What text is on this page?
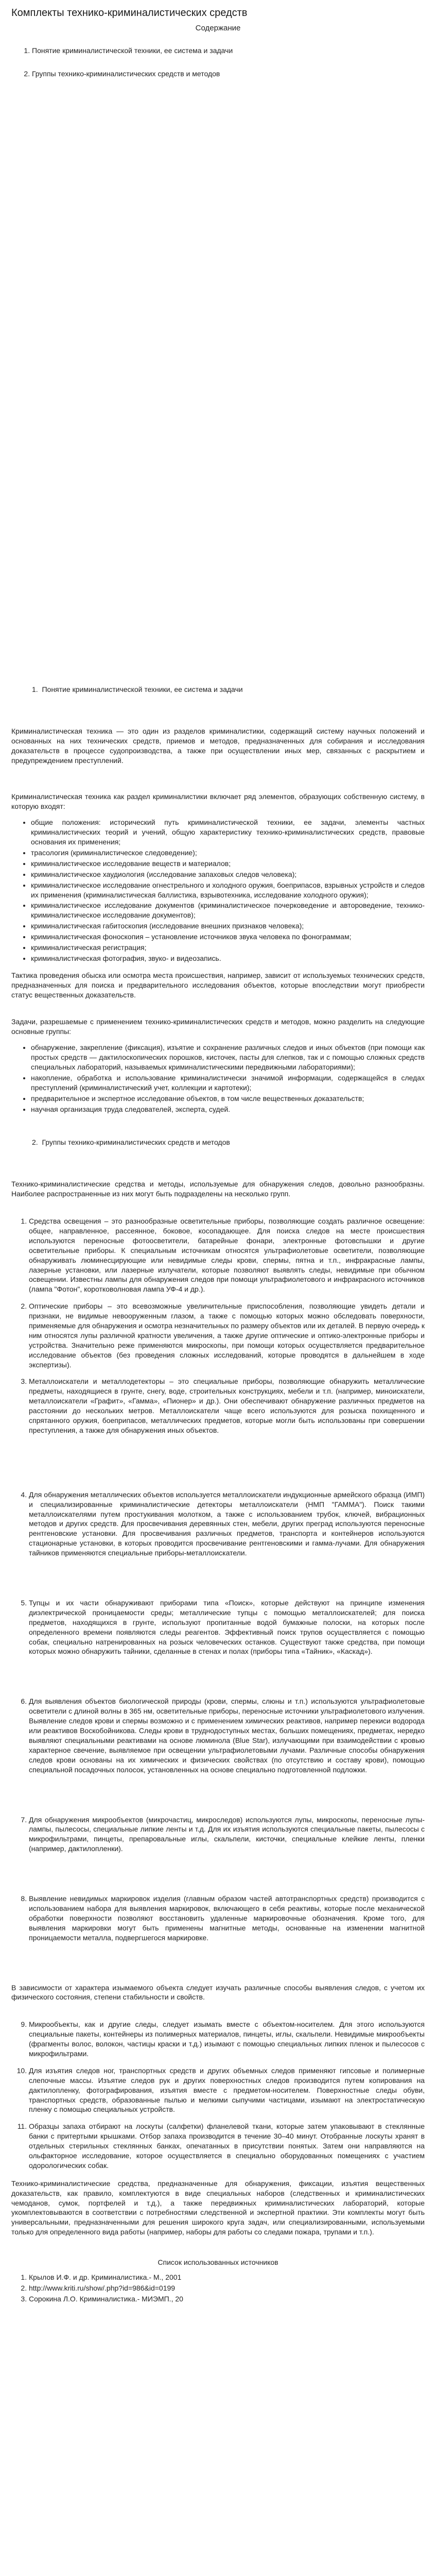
Комплекты технико-криминалистических средств
Содержание
1. Понятие криминалистической техники, ее система и задачи
2. Группы технико-криминалистических средств и методов
1.  Понятие криминалистической техники, ее система и задачи

Криминалистическая техника — это один из разделов криминалистики, содержащий систему научных положений и основанных на них технических средств, приемов и методов, предназначенных для собирания и исследования доказательств в процессе судопроизводства, а также при осуществлении иных мер, связанных с раскрытием и предупреждением преступлений.

Криминалистическая техника как раздел криминалистики включает ряд элементов, образующих собственную систему, в которую входят:

• общие положения: исторический путь криминалистической техники, ее задачи, элементы частных криминалистических теорий и учений, общую характеристику технико-криминалистических средств, правовые основания их применения;
• трасология (криминалистическое следоведение);
• криминалистическое исследование веществ и материалов;
• криминалистическое хаудиология (исследование запаховых следов человека);
• криминалистическое исследование огнестрельного и холодного оружия, боеприпасов, взрывных устройств и следов их применения (криминалистическая баллистика, взрывотехника, исследование холодного оружия);
• криминалистическое исследование документов (криминалистическое почерковедение и автороведение, технико-криминалистическое исследование документов);
• криминалистическая габитоскопия (исследование внешних признаков человека);
• криминалистическая фоноскопия – установление источников звука человека по фонограммам;
• криминалистическая регистрация;
• криминалистическая фотография, звуко- и видеозапись.

Тактика проведения обыска или осмотра места происшествия, например, зависит от используемых технических средств, предназначенных для поиска и предварительного исследования объектов, которые впоследствии могут приобрести статус вещественных доказательств.

Задачи, разрешаемые с применением технико-криминалистических средств и методов, можно разделить на следующие основные группы:

• обнаружение, закрепление (фиксация), изъятие и сохранение различных следов и иных объектов (при помощи как простых средств — дактилоскопических порошков, кисточек, пасты для слепков, так и с помощью сложных средств специальных лабораторий, называемых криминалистическими передвижными лабораториями);
• накопление, обработка и использование криминалистически значимой информации, содержащейся в следах преступлений (криминалистический учет, коллекции и картотеки);
• предварительное и экспертное исследование объектов, в том числе вещественных доказательств;
• научная организация труда следователей, эксперта, судей.
2.  Группы технико-криминалистических средств и методов

Технико-криминалистические средства и методы, используемые для обнаружения следов, довольно разнообразны. Наиболее распространенные из них могут быть подразделены на несколько групп.

1. Средства освещения – это разнообразные осветительные приборы, позволяющие создать различное освещение: общее, направленное, рассеянное, боковое, косопадающее. Для поиска следов на месте происшествия используются переносные фотоосветители, батарейные фонари, электронные фотовспышки и другие осветительные приборы. К специальным источникам относятся ультрафиолетовые осветители, позволяющие обнаруживать люминесцирующие или невидимые следы крови, спермы, пятна и т.п., инфракрасные лампы, лазерные установки, или лазерные излучатели, которые позволяют выявлять следы, невидимые при обычном освещении. Известны лампы для обнаружения следов при помощи ультрафиолетового и инфракрасного источников (лампа "Фотон", коротковолновая лампа УФ-4 и др.).
2. Оптические приборы – это всевозможные увеличительные приспособления, позволяющие увидеть детали и признаки, не видимые невооруженным глазом, а также с помощью которых можно обследовать поверхности, применяемые для обнаружения и осмотра незначительных по размеру объектов или их деталей. В первую очередь к ним относятся лупы различной кратности увеличения, а также другие оптические и оптико-электронные приборы и устройства. Значительно реже применяются микроскопы, при помощи которых осуществляется предварительное исследование объектов (без проведения сложных исследований, которые проводятся в дальнейшем в ходе экспертизы).
3. Металлоискатели и металлодетекторы – это специальные приборы, позволяющие обнаружить металлические предметы, находящиеся в грунте, снегу, воде, строительных конструкциях, мебели и т.п. (например, миноискатели, металлоискатели «Графит», «Гамма», «Пионер» и др.). Они обеспечивают обнаружение различных предметов на расстоянии до нескольких метров. Металлоискатели чаще всего используются для розыска похищенного и спрятанного оружия, боеприпасов, металлических предметов, которые могли быть использованы при совершении преступления, а также для обнаружения иных объектов.
4. Для обнаружения металлических объектов используется металлоискатели индукционные армейского образца (ИМП) и специализированные криминалистические детекторы металлоискатели (НМП "ГАММА"). Поиск такими металлоискателями путем простукивания молотком, а также с использованием трубок, ключей, вибрационных методов и других средств. Для просвечивания деревянных стен, мебели, других преград используются переносные рентгеновские установки. Для просвечивания различных предметов, транспорта и контейнеров используются стационарные установки, в которых проводится просвечивание рентгеновскими и гамма-лучами. Для обнаружения тайников применяются специальные приборы-металлоискатели.
5. Тупцы и их части обнаруживают приборами типа «Поиск», которые действуют на принципе изменения диэлектрической проницаемости среды; металлические тупцы с помощью металлоискателей; для поиска предметов, находящихся в грунте, используют пропитанные водой бумажные полоски, на которых после определенного времени появляются следы реагентов. Эффективный поиск трупов осуществляется с помощью собак, специально натренированных на розыск человеческих останков. Существуют также средства, при помощи которых можно обнаружить тайники, сделанные в стенах и полах (приборы типа «Тайник», «Каскад»).
6. Для выявления объектов биологической природы (крови, спермы, слюны и т.п.) используются ультрафиолетовые осветители с длиной волны в 365 нм, осветительные приборы, переносные источники ультрафиолетового излучения. Выявление следов крови и спермы возможно и с применением химических реактивов, например перекиси водорода или реактивов Воскобойникова. Следы крови в труднодоступных местах, больших помещениях, предметах, нередко выявляют специальными реактивами на основе люминола (Blue Star), излучающими при взаимодействии с кровью характерное свечение, выявляемое при освещении ультрафиолетовыми лучами. Различные способы обнаружения следов крови основаны на их химических и физических свойствах (по отсутствию и составу крови), помощью специальной посадочных полосок, установленных на основе специально подготовленной подложки.
7. Для обнаружения микрообъектов (микрочастиц, микроследов) используются лупы, микроскопы, переносные лупы-лампы, пылесосы, специальные липкие ленты и т.д. Для их изъятия используются специальные пакеты, пылесосы с микрофильтрами, пинцеты, препаровальные иглы, скальпели, кисточки, специальные клейкие ленты, пленки (например, дактилопленки).
8. Выявление невидимых маркировок изделия (главным образом частей автотранспортных средств) производится с использованием набора для выявления маркировок, включающего в себя реактивы, которые после механической обработки поверхности позволяют восстановить удаленные маркировочные обозначения. Кроме того, для выявления маркировки могут быть применены магнитные методы, основанные на изменении магнитной проницаемости металла, подвергшегося маркировке.

В зависимости от характера изымаемого объекта следует изучать различные способы выявления следов, с учетом их физического состояния, степени стабильности и свойств.

9. Микрообъекты, как и другие следы, следует изымать вместе с объектом-носителем. Для этого используются специальные пакеты, контейнеры из полимерных материалов, пинцеты, иглы, скальпели. Невидимые микрообъекты (фрагменты волос, волокон, частицы краски и т.д.) изымают с помощью специальных липких пленок и пылесосов с микрофильтрами.
10. Для изъятия следов ног, транспортных средств и других объемных следов применяют гипсовые и полимерные слепочные массы. Изъятие следов рук и других поверхностных следов производится путем копирования на дактилопленку, фотографирования, изъятия вместе с предметом-носителем. Поверхностные следы обуви, транспортных средств, образованные пылью и мелкими сыпучими частицами, изымают на электростатическую пленку с помощью специальных устройств.
11. Образцы запаха отбирают на лоскуты (салфетки) фланелевой ткани, которые затем упаковывают в стеклянные банки с притертыми крышками. Отбор запаха производится в течение 30–40 минут. Отобранные лоскуты хранят в отдельных стерильных стеклянных банках, опечатанных в присутствии понятых. Затем они направляются на ольфакторное исследование, которое осуществляется в специально оборудованных помещениях с участием одорологических собак.

Технико-криминалистические средства, предназначенные для обнаружения, фиксации, изъятия вещественных доказательств, как правило, комплектуются в виде специальных наборов (следственных и криминалистических чемоданов, сумок, портфелей и т.д.), а также передвижных криминалистических лабораторий, которые укомплектовываются в соответствии с потребностями следственной и экспертной практики. Эти комплекты могут быть универсальными, предназначенными для решения широкого круга задач, или специализированными, используемыми только для определенного вида работы (например, наборы для работы со следами пожара, трупами и т.п.).

Список использованных источников
1. Крылов И.Ф. и др. Криминалистика.- М., 2001
2. http://www.kriti.ru/show/.php?id=986&id=0199
3. Сорокина Л.О. Криминалистика.- МИЭМП., 20
